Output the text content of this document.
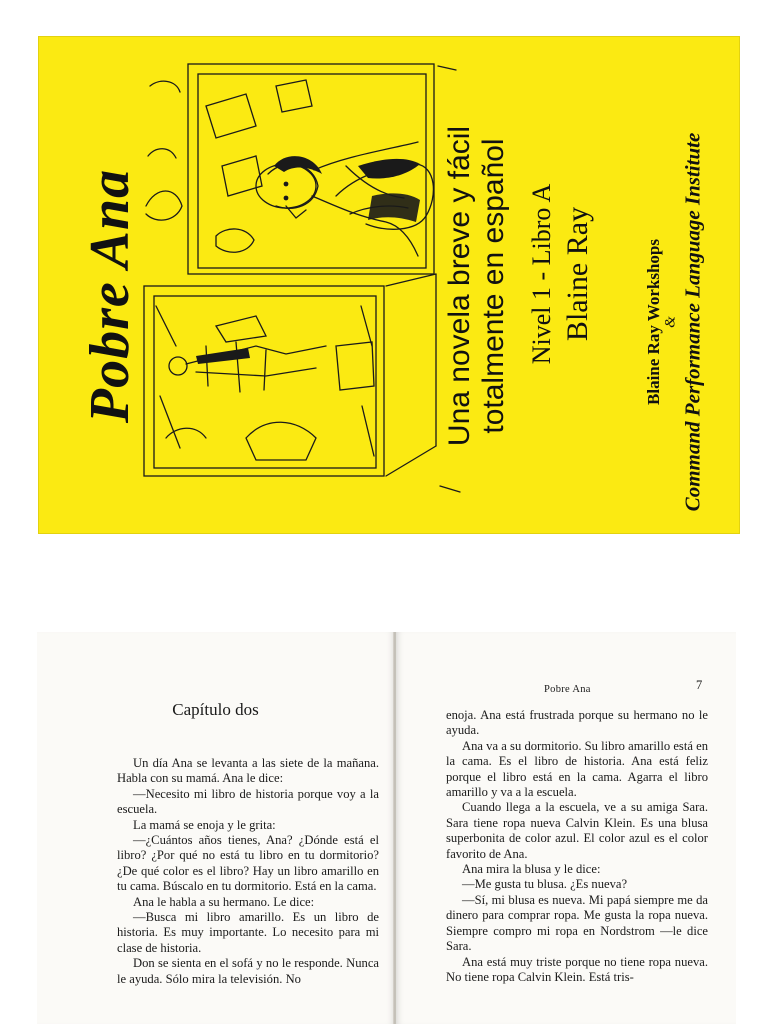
Pobre Ana	Una novela breve y fácil totalmente en español Nivel 1 - Libro A Blaine Ray	Blaine Ray Workshops & Command Performance Language Institute
Capítulo dos

Un día Ana se levanta a las siete de la mañana. Habla con su mamá. Ana le dice:

—Necesito mi libro de historia porque voy a la escuela.

La mamá se enoja y le grita:

—¿Cuántos años tienes, Ana? ¿Dónde está el libro? ¿Por qué no está tu libro en tu dormitorio? ¿De qué color es el libro? Hay un libro amarillo en tu cama. Búscalo en tu dormitorio. Está en la cama.

Ana le habla a su hermano. Le dice:

—Busca mi libro amarillo. Es un libro de historia. Es muy importante. Lo necesito para mi clase de historia.

Don se sienta en el sofá y no le responde. Nunca le ayuda. Sólo mira la televisión. No

Pobre Ana	7

enoja. Ana está frustrada porque su hermano no le ayuda.

Ana va a su dormitorio. Su libro amarillo está en la cama. Es el libro de historia. Ana está feliz porque el libro está en la cama. Agarra el libro amarillo y va a la escuela.

Cuando llega a la escuela, ve a su amiga Sara. Sara tiene ropa nueva Calvin Klein. Es una blusa superbonita de color azul. El color azul es el color favorito de Ana.

Ana mira la blusa y le dice:

—Me gusta tu blusa. ¿Es nueva?

—Sí, mi blusa es nueva. Mi papá siempre me da dinero para comprar ropa. Me gusta la ropa nueva. Siempre compro mi ropa en Nordstrom —le dice Sara.

Ana está muy triste porque no tiene ropa nueva. No tiene ropa Calvin Klein. Está tris-
